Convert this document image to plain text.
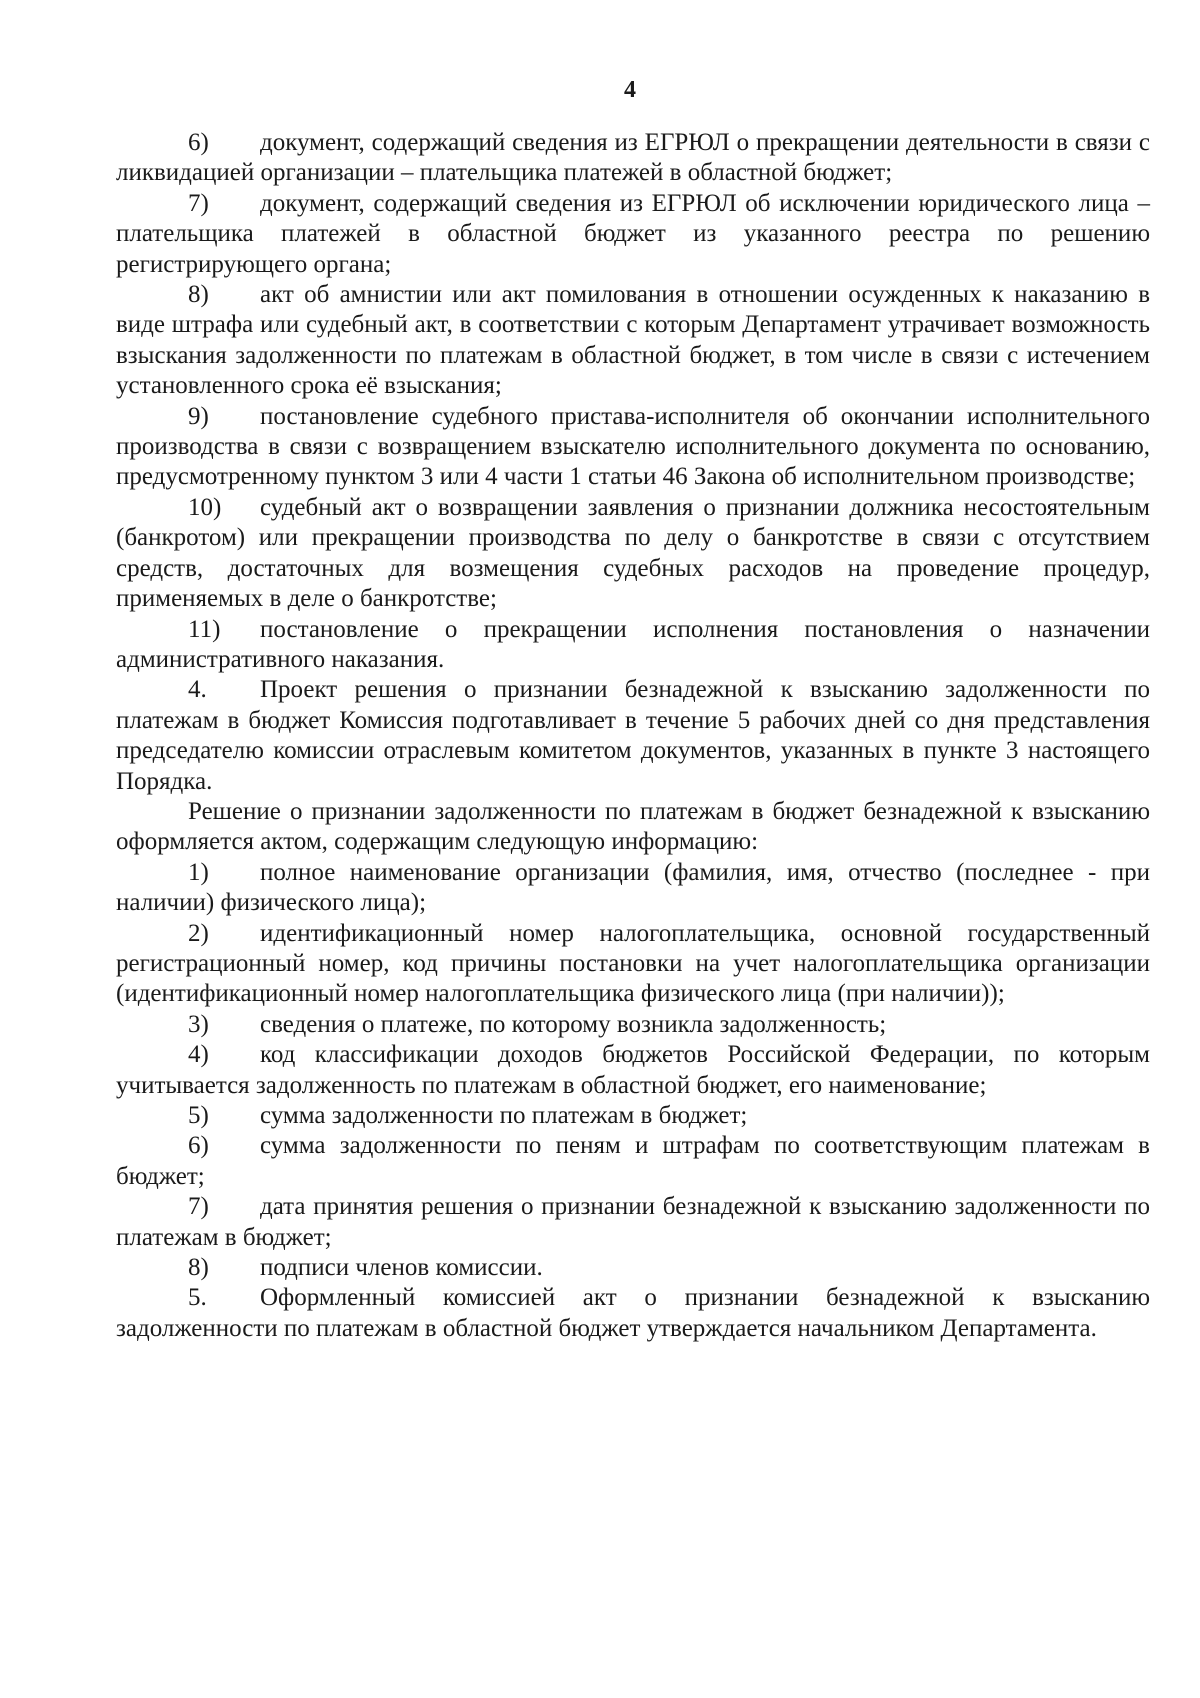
4

6) документ, содержащий сведения из ЕГРЮЛ о прекращении деятельности в связи с ликвидацией организации – плательщика платежей в областной бюджет;

7) документ, содержащий сведения из ЕГРЮЛ об исключении юридического лица – плательщика платежей в областной бюджет из указанного реестра по решению регистрирующего органа;

8) акт об амнистии или акт помилования в отношении осужденных к наказанию в виде штрафа или судебный акт, в соответствии с которым Департамент утрачивает возможность взыскания задолженности по платежам в областной бюджет, в том числе в связи с истечением установленного срока её взыскания;

9) постановление судебного пристава-исполнителя об окончании исполнительного производства в связи с возвращением взыскателю исполнительного документа по основанию, предусмотренному пунктом 3 или 4 части 1 статьи 46 Закона об исполнительном производстве;

10) судебный акт о возвращении заявления о признании должника несостоятельным (банкротом) или прекращении производства по делу о банкротстве в связи с отсутствием средств, достаточных для возмещения судебных расходов на проведение процедур, применяемых в деле о банкротстве;

11) постановление о прекращении исполнения постановления о назначении административного наказания.

4. Проект решения о признании безнадежной к взысканию задолженности по платежам в бюджет Комиссия подготавливает в течение 5 рабочих дней со дня представления председателю комиссии отраслевым комитетом документов, указанных в пункте 3 настоящего Порядка.

Решение о признании задолженности по платежам в бюджет безнадежной к взысканию оформляется актом, содержащим следующую информацию:

1) полное наименование организации (фамилия, имя, отчество (последнее - при наличии) физического лица);

2) идентификационный номер налогоплательщика, основной государственный регистрационный номер, код причины постановки на учет налогоплательщика организации (идентификационный номер налогоплательщика физического лица (при наличии));

3) сведения о платеже, по которому возникла задолженность;

4) код классификации доходов бюджетов Российской Федерации, по которым учитывается задолженность по платежам в областной бюджет, его наименование;

5) сумма задолженности по платежам в бюджет;

6) сумма задолженности по пеням и штрафам по соответствующим платежам в бюджет;

7) дата принятия решения о признании безнадежной к взысканию задолженности по платежам в бюджет;

8) подписи членов комиссии.

5. Оформленный комиссией акт о признании безнадежной к взысканию задолженности по платежам в областной бюджет утверждается начальником Департамента.
